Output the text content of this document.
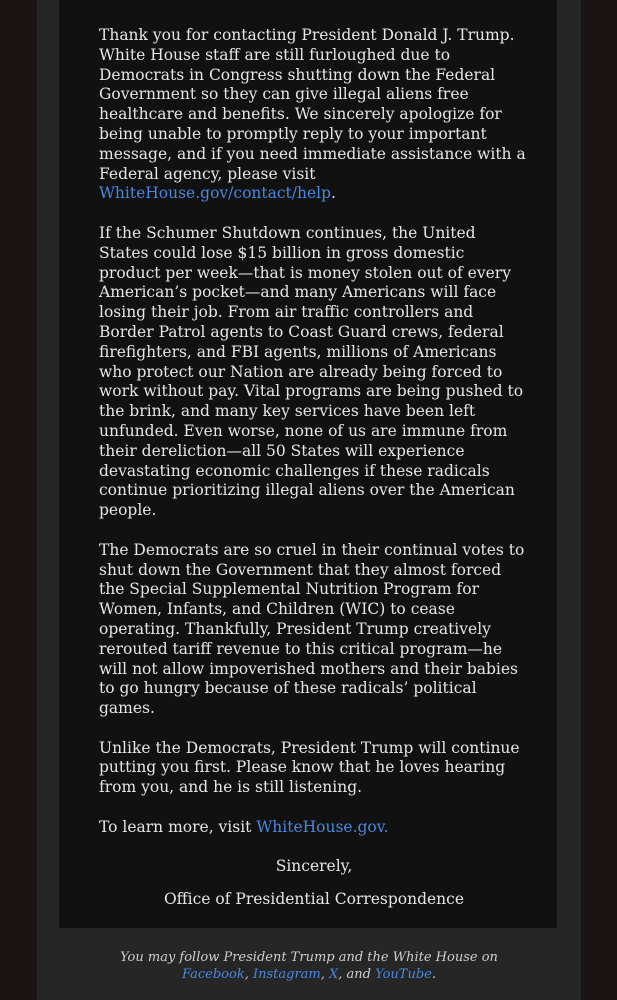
Thank you for contacting President Donald J. Trump. White House staff are still furloughed due to Democrats in Congress shutting down the Federal Government so they can give illegal aliens free healthcare and benefits. We sincerely apologize for being unable to promptly reply to your important message, and if you need immediate assistance with a Federal agency, please visit WhiteHouse.gov/contact/help.

If the Schumer Shutdown continues, the United States could lose $15 billion in gross domestic product per week—that is money stolen out of every American’s pocket—and many Americans will face losing their job. From air traffic controllers and Border Patrol agents to Coast Guard crews, federal firefighters, and FBI agents, millions of Americans who protect our Nation are already being forced to work without pay. Vital programs are being pushed to the brink, and many key services have been left unfunded. Even worse, none of us are immune from their dereliction—all 50 States will experience devastating economic challenges if these radicals continue prioritizing illegal aliens over the American people.

The Democrats are so cruel in their continual votes to shut down the Government that they almost forced the Special Supplemental Nutrition Program for Women, Infants, and Children (WIC) to cease operating. Thankfully, President Trump creatively rerouted tariff revenue to this critical program—he will not allow impoverished mothers and their babies to go hungry because of these radicals’ political games.

Unlike the Democrats, President Trump will continue putting you first. Please know that he loves hearing from you, and he is still listening.

To learn more, visit WhiteHouse.gov.

Sincerely,

Office of Presidential Correspondence

You may follow President Trump and the White House on
Facebook, Instagram, X, and YouTube.
